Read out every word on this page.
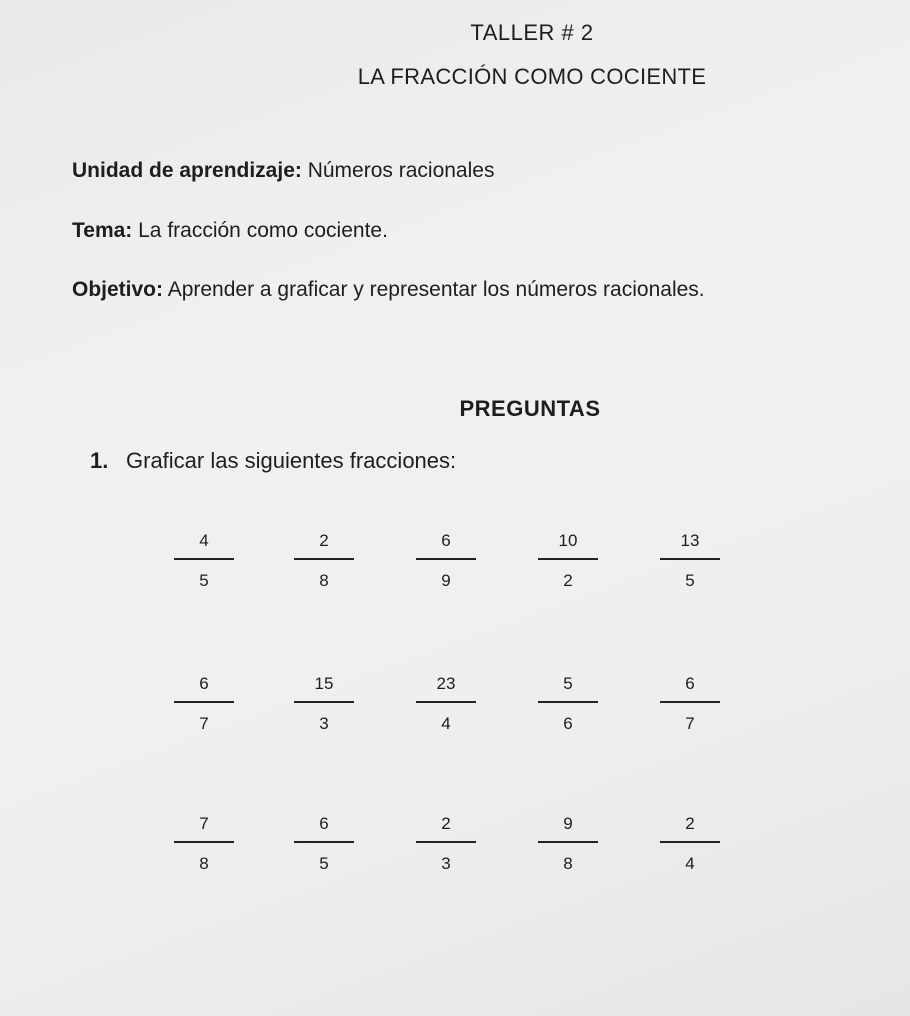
TALLER # 2
LA FRACCIÓN COMO COCIENTE
Unidad de aprendizaje: Números racionales
Tema: La fracción como cociente.
Objetivo: Aprender a graficar y representar los números racionales.
PREGUNTAS
1. Graficar las siguientes fracciones:
4
5
2
8
6
9
10
2
13
5
6
7
15
3
23
4
5
6
6
7
7
8
6
5
2
3
9
8
2
4
